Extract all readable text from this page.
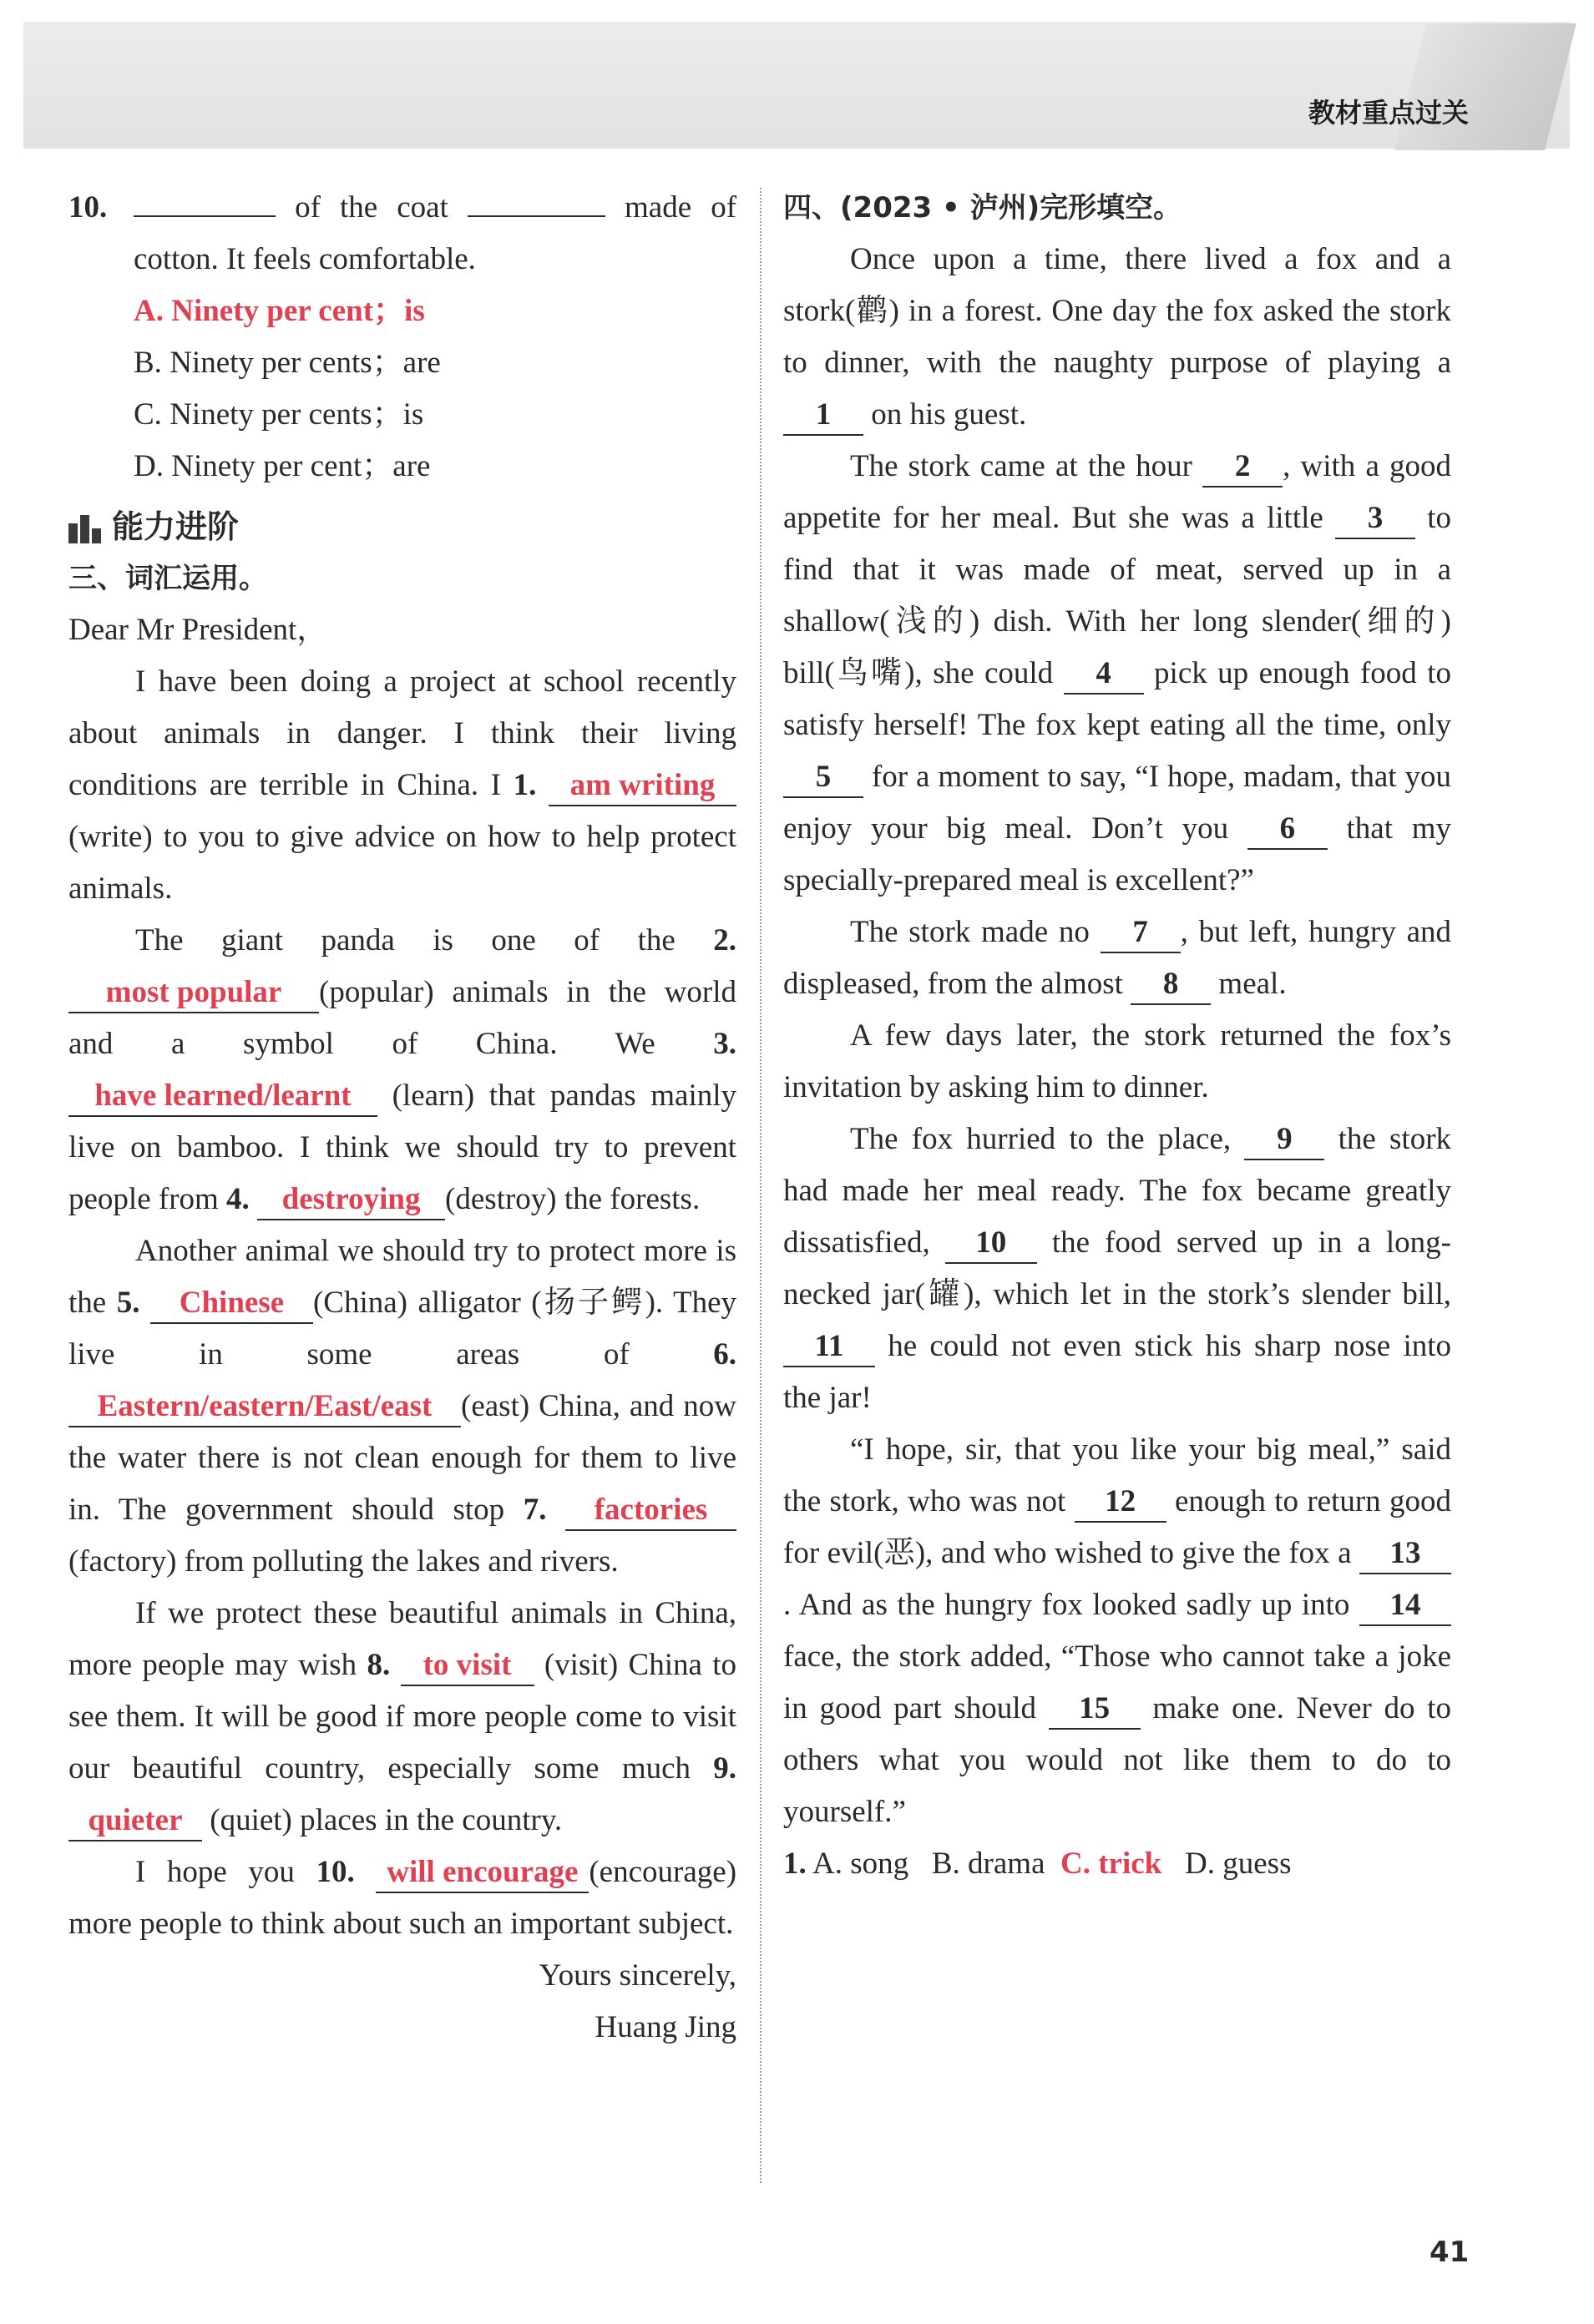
教材重点过关
10.	of the coat	made of cotton. It feels comfortable.

A. Ninety per cent；is

B. Ninety per cents；are

C. Ninety per cents；is

D. Ninety per cent；are

能力进阶

三、词汇运用。

Dear Mr President，

I have been doing a project at school recently about animals in danger. I think their living conditions are terrible in China. I 1. am writing(write) to you to give advice on how to help protect animals.

The giant panda is one of the 2. most popular (popular) animals in the world and a symbol of China. We 3. have learned/learnt (learn) that pandas mainly live on bamboo. I think we should try to prevent people from 4. destroying (destroy) the forests.

Another animal we should try to protect more is the 5. Chinese (China) alligator (扬子鳄). They live in some areas of	6. Eastern/eastern/East/east (east) China, and now the water there is not clean enough for them to live in. The government should stop 7. factories(factory) from polluting the lakes and rivers.

If we protect these beautiful animals in China, more people may wish 8. to visit (visit) China to see them. It will be good if more people come to visit our beautiful country, especially some much 9. quieter (quiet) places in the country.

I hope you 10. will encourage (encourage) more people to think about such an important subject.

Yours sincerely,

Huang Jing

四、(2023 • 泸州)完形填空。

Once upon a time, there lived a fox and a stork(鹳) in a forest. One day the fox asked the stork to dinner, with the naughty purpose of playing a 1 on his guest.

The stork came at the hour 2 , with a good appetite for her meal. But she was a little 3 to find that it was made of meat, served up in a shallow(浅的) dish. With her long slender(细的) bill(鸟嘴), she could 4 pick up enough food to satisfy herself! The fox kept eating all the time, only 5 for a moment to say, “I hope, madam, that you enjoy your big meal. Don’t you 6 that my specially-prepared meal is excellent?”

The stork made no 7 , but left, hungry and displeased, from the almost 8 meal.

A few days later, the stork returned the fox’s invitation by asking him to dinner.

The fox hurried to the place, 9 the stork had made her meal ready. The fox became greatly dissatisfied, 10 the food served up in a long-necked jar(罐), which let in the stork’s slender bill, 11 he could not even stick his sharp nose into the jar!

“I hope, sir, that you like your big meal,” said the stork, who was not 12 enough to return good for evil(恶), and who wished to give the fox a 13. And as the hungry fox looked sadly up into 14 face, the stork added, “Those who cannot take a joke in good part should 15 make one. Never do to others what you would not like them to do to yourself.”

1. A. song B. drama C. trick D. guess

41
